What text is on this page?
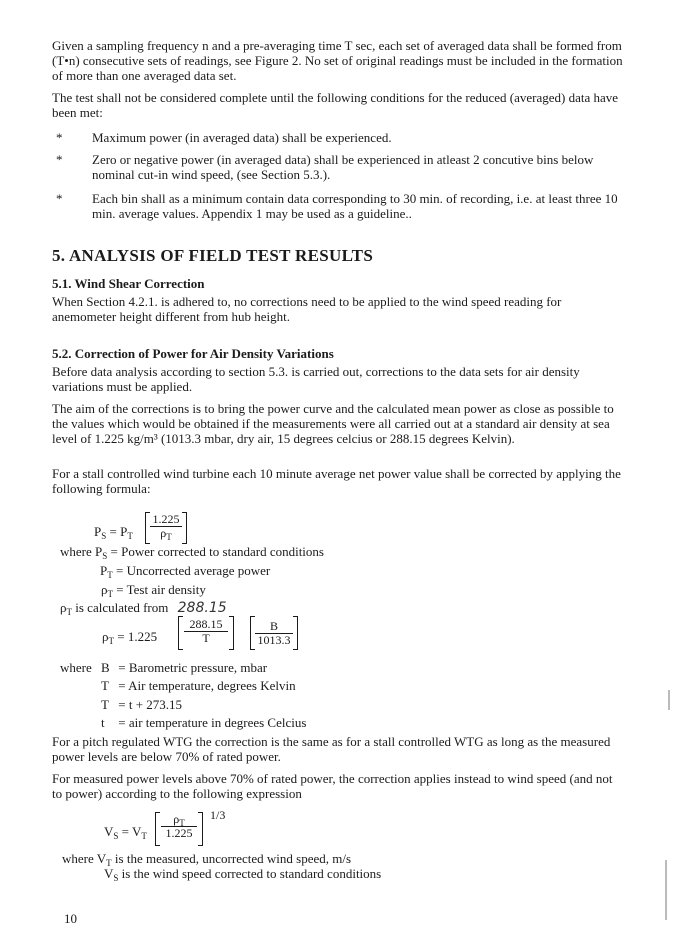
Given a sampling frequency n and a pre-averaging time T sec, each set of averaged data shall be formed from (T•n) consecutive sets of readings, see Figure 2. No set of original readings must be included in the formation of more than one averaged data set.

The test shall not be considered complete until the following conditions for the reduced (averaged) data have been met:

* Maximum power (in averaged data) shall be experienced.
* Zero or negative power (in averaged data) shall be experienced in atleast 2 concutive bins below nominal cut-in wind speed, (see Section 5.3.).
* Each bin shall as a minimum contain data corresponding to 30 min. of recording, i.e. at least three 10 min. average values. Appendix 1 may be used as a guideline..
5. ANALYSIS OF FIELD TEST RESULTS
5.1. Wind Shear Correction

When Section 4.2.1. is adhered to, no corrections need to be applied to the wind speed reading for anemometer height different from hub height.

5.2. Correction of Power for Air Density Variations

Before data analysis according to section 5.3. is carried out, corrections to the data sets for air density variations must be applied.

The aim of the corrections is to bring the power curve and the calculated mean power as close as possible to the values which would be obtained if the measurements were all carried out at a standard air density at sea level of 1.225 kg/m³ (1013.3 mbar, dry air, 15 degrees celcius or 288.15 degrees Kelvin).

For a stall controlled wind turbine each 10 minute average net power value shall be corrected by applying the following formula:

$P_S = P_T \frac{1.225}{\rho_T}$
where $P_S$ = Power corrected to standard conditions
$P_T$ = Uncorrected average power
$\rho_T$ = Test air density
$\rho_T$ is calculated from 288.15
$\rho_T = 1.225 \frac{288.15}{T} \frac{B}{1013.3}$
where B = Barometric pressure, mbar
T = Air temperature, degrees Kelvin
T = t + 273.15
t = air temperature in degrees Celcius

For a pitch regulated WTG the correction is the same as for a stall controlled WTG as long as the measured power levels are below 70% of rated power.

For measured power levels above 70% of rated power, the correction applies instead to wind speed (and not to power) according to the following expression

$V_S = V_T \frac{\rho_T}{1.225} 1/3$
where $V_T$ is the measured, uncorrected wind speed, m/s
$V_S$ is the wind speed corrected to standard conditions
10
